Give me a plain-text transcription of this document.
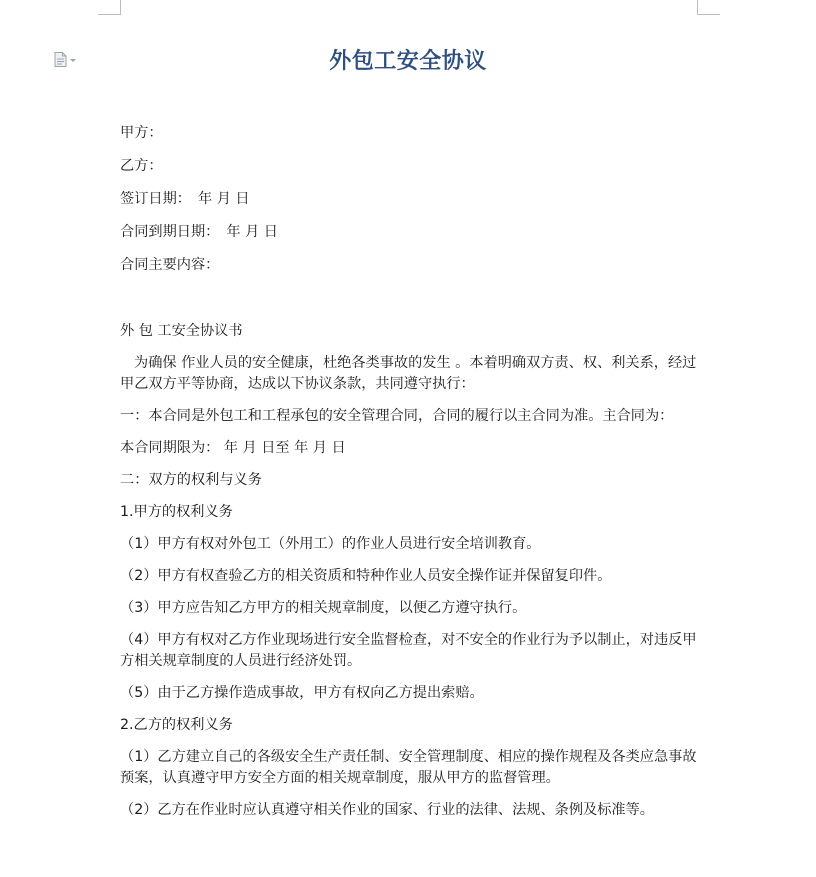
外包工安全协议
甲方：
乙方：
签订日期：　年 月 日
合同到期日期：　年 月 日
合同主要内容：
外 包 工安全协议书
为确保 作业人员的安全健康，杜绝各类事故的发生 。本着明确双方责、权、利关系，经过甲乙双方平等协商，达成以下协议条款，共同遵守执行：
一：本合同是外包工和工程承包的安全管理合同，合同的履行以主合同为准。主合同为：
本合同期限为： 年 月 日至 年 月 日
二：双方的权利与义务
1.甲方的权利义务
（1）甲方有权对外包工（外用工）的作业人员进行安全培训教育。
（2）甲方有权查验乙方的相关资质和特种作业人员安全操作证并保留复印件。
（3）甲方应告知乙方甲方的相关规章制度，以便乙方遵守执行。
（4）甲方有权对乙方作业现场进行安全监督检查，对不安全的作业行为予以制止，对违反甲方相关规章制度的人员进行经济处罚。
（5）由于乙方操作造成事故，甲方有权向乙方提出索赔。
2.乙方的权利义务
（1）乙方建立自己的各级安全生产责任制、安全管理制度、相应的操作规程及各类应急事故预案，认真遵守甲方安全方面的相关规章制度，服从甲方的监督管理。
（2）乙方在作业时应认真遵守相关作业的国家、行业的法律、法规、条例及标准等。
